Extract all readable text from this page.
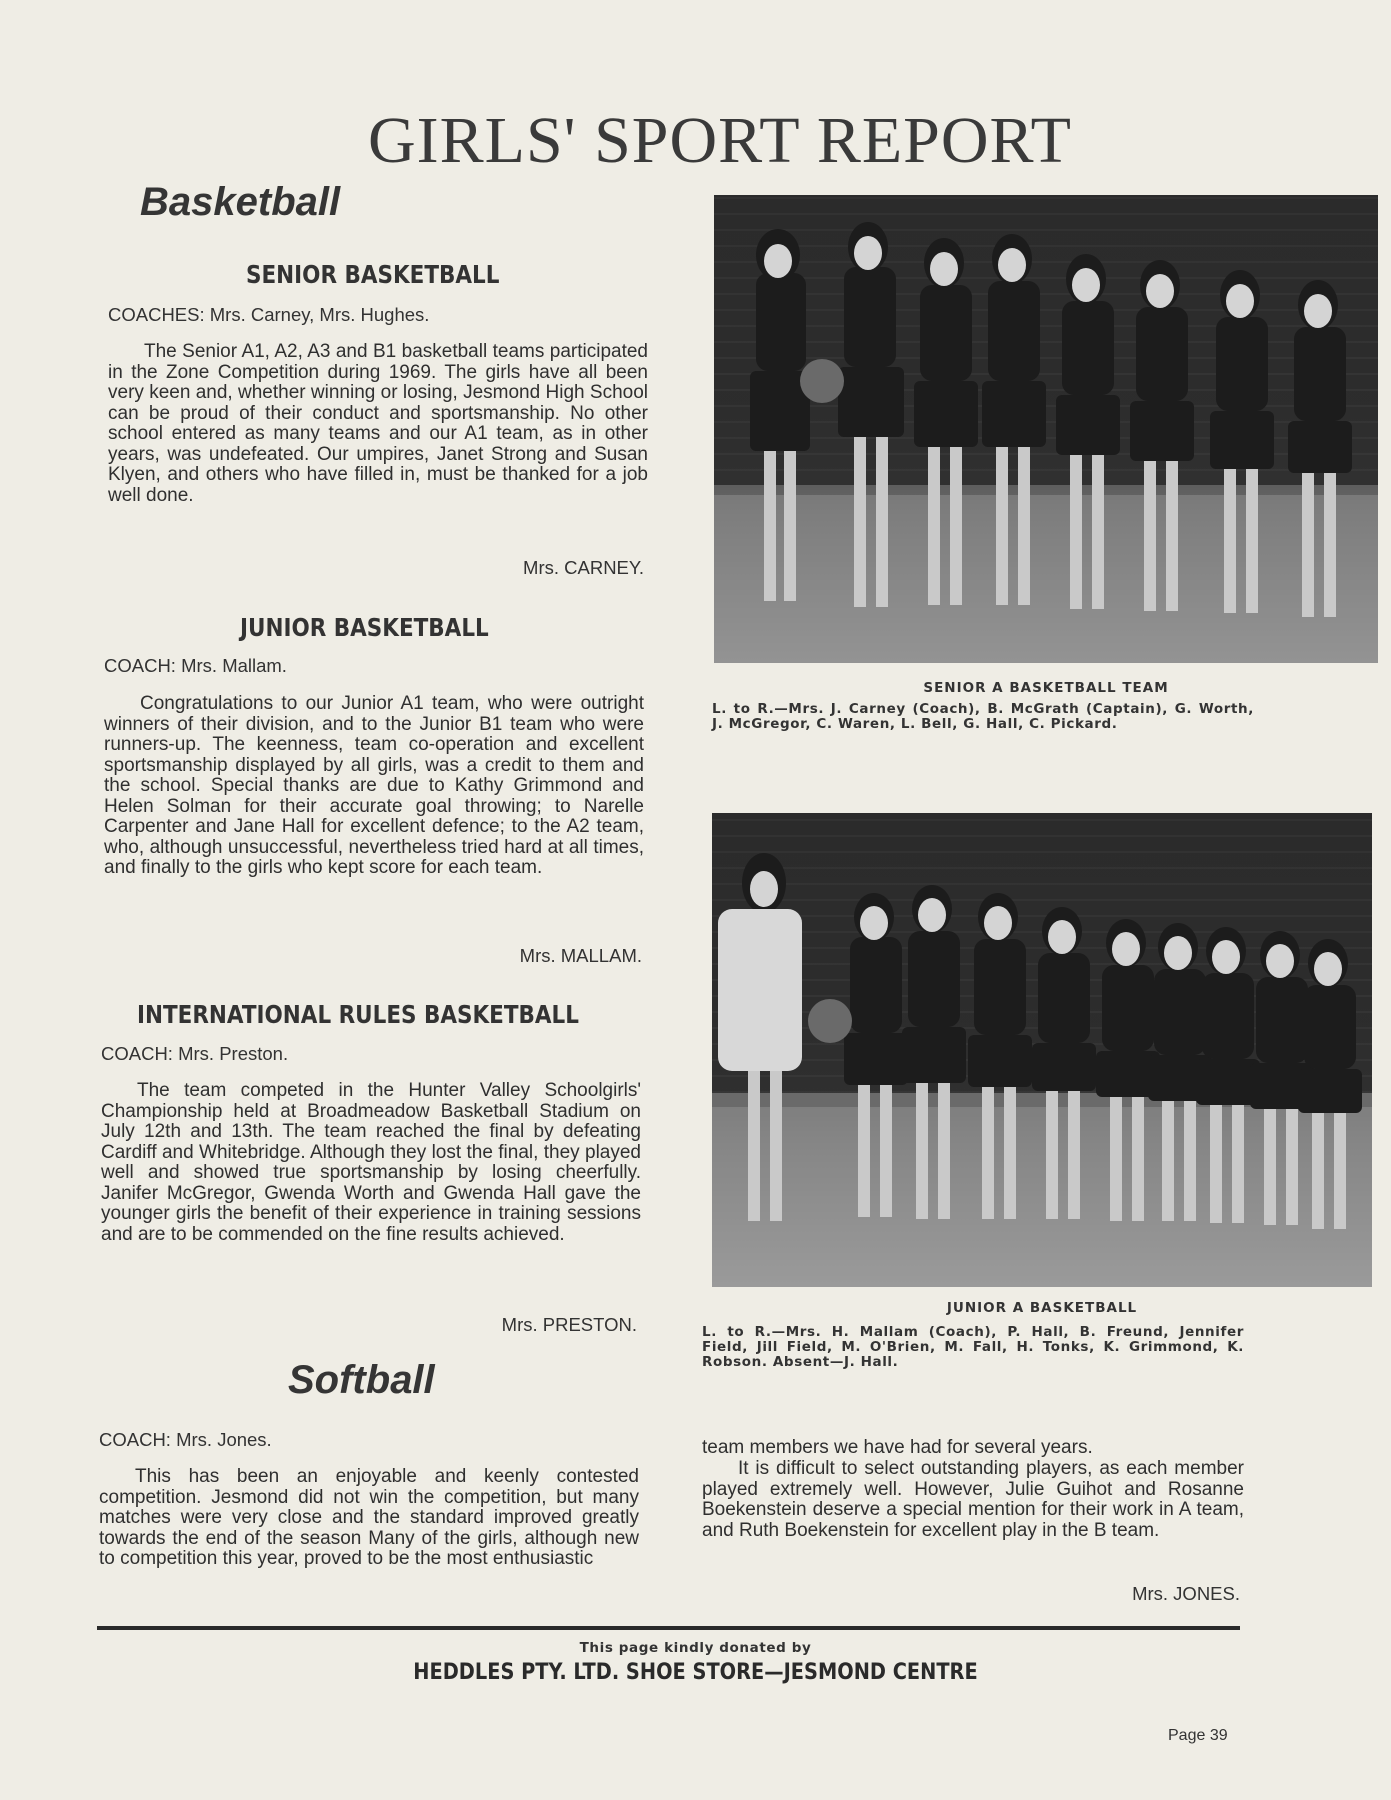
GIRLS' SPORT REPORT
Basketball
SENIOR BASKETBALL
COACHES: Mrs. Carney, Mrs. Hughes.

The Senior A1, A2, A3 and B1 basketball teams participated in the Zone Competition during 1969. The girls have all been very keen and, whether winning or losing, Jesmond High School can be proud of their conduct and sportsmanship. No other school entered as many teams and our A1 team, as in other years, was undefeated. Our umpires, Janet Strong and Susan Klyen, and others who have filled in, must be thanked for a job well done.

Mrs. CARNEY.
JUNIOR BASKETBALL
COACH: Mrs. Mallam.

Congratulations to our Junior A1 team, who were outright winners of their division, and to the Junior B1 team who were runners-up. The keenness, team co-operation and excellent sportsmanship displayed by all girls, was a credit to them and the school. Special thanks are due to Kathy Grimmond and Helen Solman for their accurate goal throwing; to Narelle Carpenter and Jane Hall for excellent defence; to the A2 team, who, although unsuccessful, nevertheless tried hard at all times, and finally to the girls who kept score for each team.

Mrs. MALLAM.
INTERNATIONAL RULES BASKETBALL
COACH: Mrs. Preston.

The team competed in the Hunter Valley Schoolgirls' Championship held at Broadmeadow Basketball Stadium on July 12th and 13th. The team reached the final by defeating Cardiff and Whitebridge. Although they lost the final, they played well and showed true sportsmanship by losing cheerfully. Janifer McGregor, Gwenda Worth and Gwenda Hall gave the younger girls the benefit of their experience in training sessions and are to be commended on the fine results achieved.

Mrs. PRESTON.
Softball
COACH: Mrs. Jones.

This has been an enjoyable and keenly contested competition. Jesmond did not win the competition, but many matches were very close and the standard improved greatly towards the end of the season Many of the girls, although new to competition this year, proved to be the most enthusiastic

SENIOR A BASKETBALL TEAM

L. to R.—Mrs. J. Carney (Coach), B. McGrath (Captain), G. Worth, J. McGregor, C. Waren, L. Bell, G. Hall, C. Pickard.

JUNIOR A BASKETBALL

L. to R.—Mrs. H. Mallam (Coach), P. Hall, B. Freund, Jennifer Field, Jill Field, M. O'Brien, M. Fall, H. Tonks, K. Grimmond, K. Robson. Absent—J. Hall.

team members we have had for several years.

It is difficult to select outstanding players, as each member played extremely well. However, Julie Guihot and Rosanne Boekenstein deserve a special mention for their work in A team, and Ruth Boekenstein for excellent play in the B team.

Mrs. JONES.
This page kindly donated by
HEDDLES PTY. LTD. SHOE STORE—JESMOND CENTRE
Page 39
